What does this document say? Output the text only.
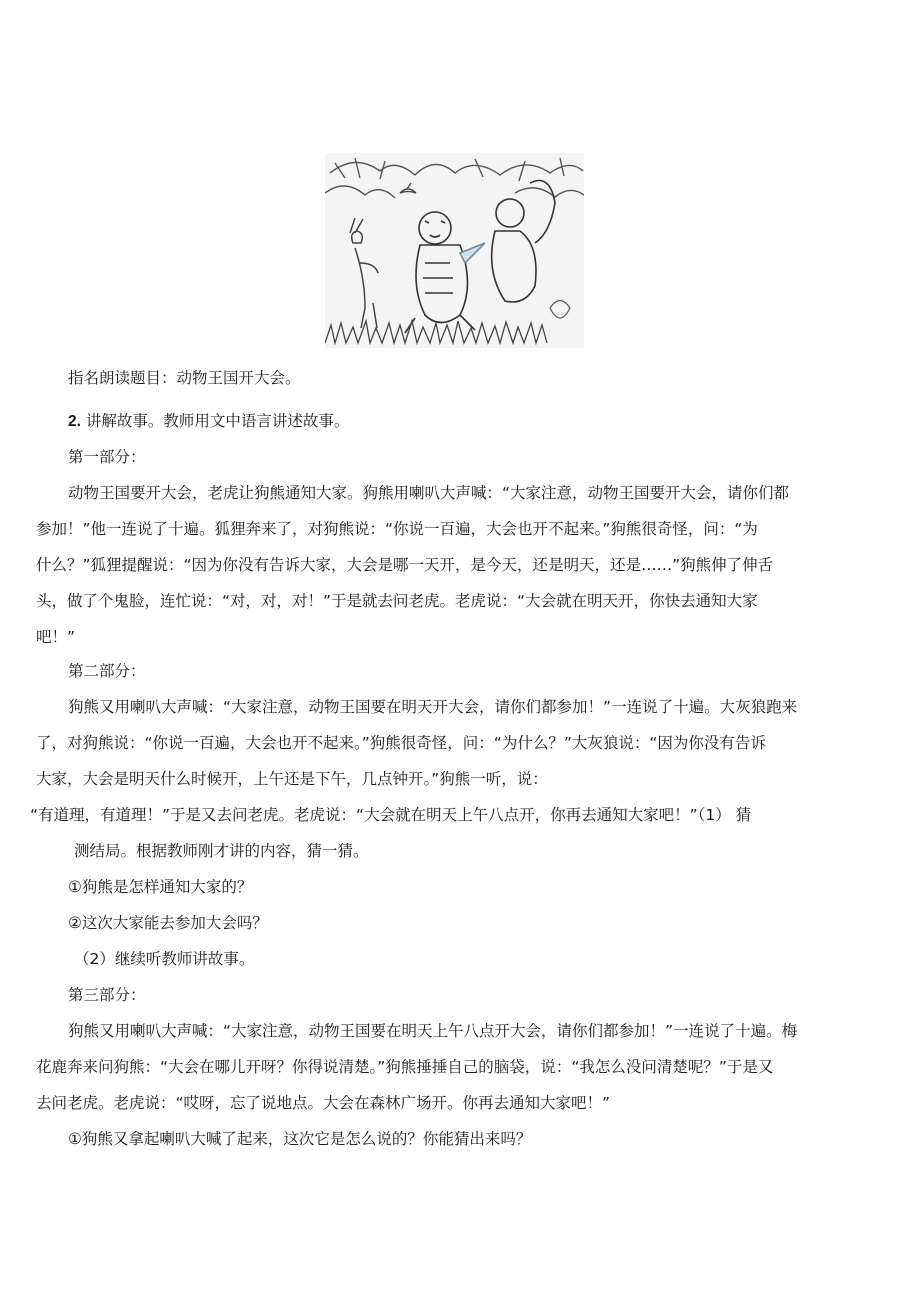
指名朗读题目：动物王国开大会。
2. 讲解故事。教师用文中语言讲述故事。
第一部分：
动物王国要开大会，老虎让狗熊通知大家。狗熊用喇叭大声喊：“大家注意，动物王国要开大会，请你们都
参加！”他一连说了十遍。狐狸奔来了，对狗熊说：“你说一百遍，大会也开不起来。”狗熊很奇怪，问：“为
什么？”狐狸提醒说：“因为你没有告诉大家，大会是哪一天开，是今天，还是明天，还是……”狗熊伸了伸舌
头，做了个鬼脸，连忙说：“对，对，对！”于是就去问老虎。老虎说：“大会就在明天开，你快去通知大家
吧！”
第二部分：
狗熊又用喇叭大声喊：“大家注意，动物王国要在明天开大会，请你们都参加！”一连说了十遍。大灰狼跑来
了，对狗熊说：“你说一百遍，大会也开不起来。”狗熊很奇怪，问：“为什么？”大灰狼说：“因为你没有告诉
大家，大会是明天什么时候开，上午还是下午，几点钟开。”狗熊一听，说：
“有道理，有道理！”于是又去问老虎。老虎说：“大会就在明天上午八点开，你再去通知大家吧！”（1） 猜
测结局。根据教师刚才讲的内容，猜一猜。
①狗熊是怎样通知大家的？
②这次大家能去参加大会吗？
（2）继续听教师讲故事。
第三部分：
狗熊又用喇叭大声喊：“大家注意，动物王国要在明天上午八点开大会，请你们都参加！”一连说了十遍。梅
花鹿奔来问狗熊：“大会在哪儿开呀？你得说清楚。”狗熊捶捶自己的脑袋，说：“我怎么没问清楚呢？”于是又
去问老虎。老虎说：“哎呀，忘了说地点。大会在森林广场开。你再去通知大家吧！”
①狗熊又拿起喇叭大喊了起来，这次它是怎么说的？你能猜出来吗？
